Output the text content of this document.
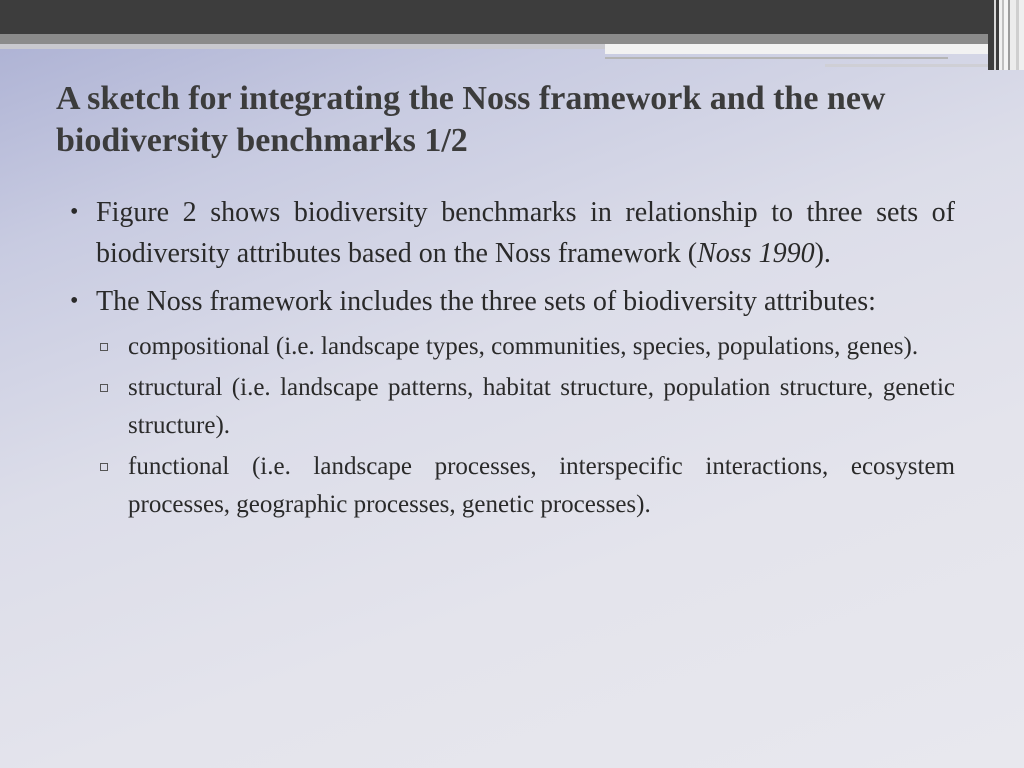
A sketch for integrating the Noss framework and the new biodiversity benchmarks 1/2
• Figure 2 shows biodiversity benchmarks in relationship to three sets of biodiversity attributes based on the Noss framework (Noss 1990).
• The Noss framework includes the three sets of biodiversity attributes:
compositional (i.e. landscape types, communities, species, populations, genes).
structural (i.e. landscape patterns, habitat structure, population structure, genetic structure).
functional (i.e. landscape processes, interspecific interactions, ecosystem processes, geographic processes, genetic processes).
